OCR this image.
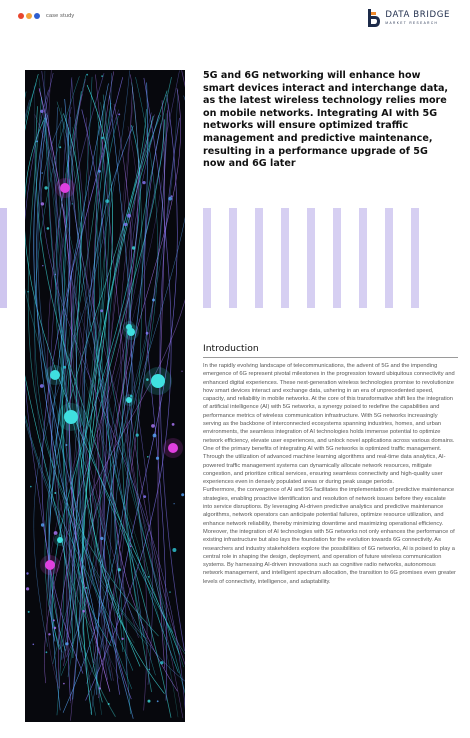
case study	DATA BRIDGE
MARKET RESEARCH
5G and 6G networking will enhance how smart devices interact and interchange data, as the latest wireless technology relies more on mobile networks. Integrating AI with 5G networks will ensure optimized traffic management and predictive maintenance, resulting in a performance upgrade of 5G now and 6G later
Introduction

In the rapidly evolving landscape of telecommunications, the advent of 5G and the impending emergence of 6G represent pivotal milestones in the progression toward ubiquitous connectivity and enhanced digital experiences. These next-generation wireless technologies promise to revolutionize how smart devices interact and exchange data, ushering in an era of unprecedented speed, capacity, and reliability in mobile networks. At the core of this transformative shift lies the integration of artificial intelligence (AI) with 5G networks, a synergy poised to redefine the capabilities and performance metrics of wireless communication infrastructure. With 5G networks increasingly serving as the backbone of interconnected ecosystems spanning industries, homes, and urban environments, the seamless integration of AI technologies holds immense potential to optimize network efficiency, elevate user experiences, and unlock novel applications across various domains.

One of the primary benefits of integrating AI with 5G networks is optimized traffic management. Through the utilization of advanced machine learning algorithms and real-time data analytics, AI-powered traffic management systems can dynamically allocate network resources, mitigate congestion, and prioritize critical services, ensuring seamless connectivity and high-quality user experiences even in densely populated areas or during peak usage periods.

Furthermore, the convergence of AI and 5G facilitates the implementation of predictive maintenance strategies, enabling proactive identification and resolution of network issues before they escalate into service disruptions. By leveraging AI-driven predictive analytics and predictive maintenance algorithms, network operators can anticipate potential failures, optimize resource utilization, and enhance network reliability, thereby minimizing downtime and maximizing operational efficiency.

Moreover, the integration of AI technologies with 5G networks not only enhances the performance of existing infrastructure but also lays the foundation for the evolution towards 6G connectivity. As researchers and industry stakeholders explore the possibilities of 6G networks, AI is poised to play a central role in shaping the design, deployment, and operation of future wireless communication systems. By harnessing AI-driven innovations such as cognitive radio networks, autonomous network management, and intelligent spectrum allocation, the transition to 6G promises even greater levels of connectivity, intelligence, and adaptability.
